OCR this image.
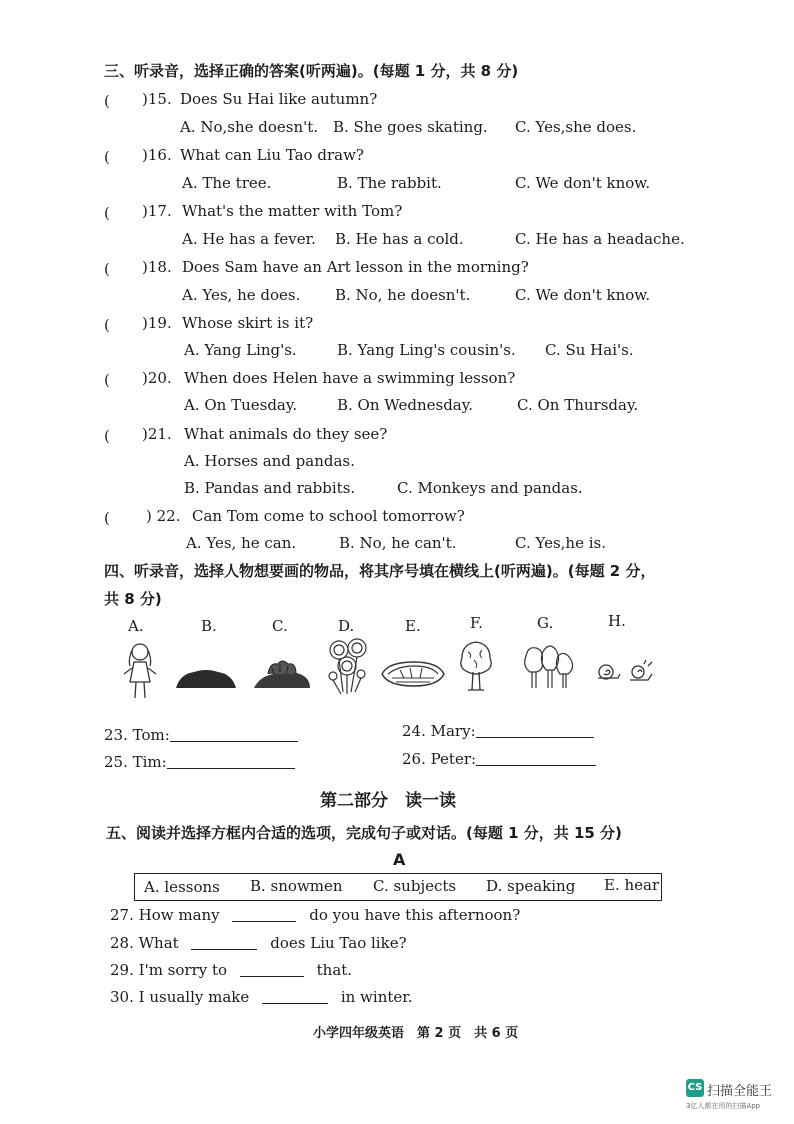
三、听录音，选择正确的答案(听两遍)。(每题 1 分，共 8 分)
( )15. Does Su Hai like autumn?
A. No,she doesn't. B. She goes skating. C. Yes,she does.
( )16. What can Liu Tao draw?
A. The tree.	B. The rabbit.	C. We don't know.
( )17. What's the matter with Tom?
A. He has a fever. B. He has a cold.	C. He has a headache.
( )18. Does Sam have an Art lesson in the morning?
A. Yes, he does. B. No, he doesn't.	C. We don't know.
( )19. Whose skirt is it?
A. Yang Ling's.	B. Yang Ling's cousin's. C. Su Hai's.
( )20. When does Helen have a swimming lesson?
A. On Tuesday.	B. On Wednesday.	C. On Thursday.
( )21. What animals do they see?
A. Horses and pandas.
B. Pandas and rabbits.	C. Monkeys and pandas.
( ) 22. Can Tom come to school tomorrow?
A. Yes, he can.	B. No, he can't.	C. Yes,he is.
四、听录音，选择人物想要画的物品，将其序号填在横线上(听两遍)。(每题 2 分，
共 8 分)
A.	B.	C.	D.	E.	F.	G.	H.
23. Tom:	24. Mary:
25. Tim:	26. Peter:
第二部分　读一读
五、阅读并选择方框内合适的选项，完成句子或对话。(每题 1 分，共 15 分)
A
A. lessons B. snowmen C. subjects D. speaking E. hear
27. How many	do you have this afternoon?
28. What	does Liu Tao like?
29. I'm sorry to	that.
30. I usually make	in winter.
小学四年级英语　第 2 页　共 6 页
CS 扫描全能王
3亿人都在用的扫描App
